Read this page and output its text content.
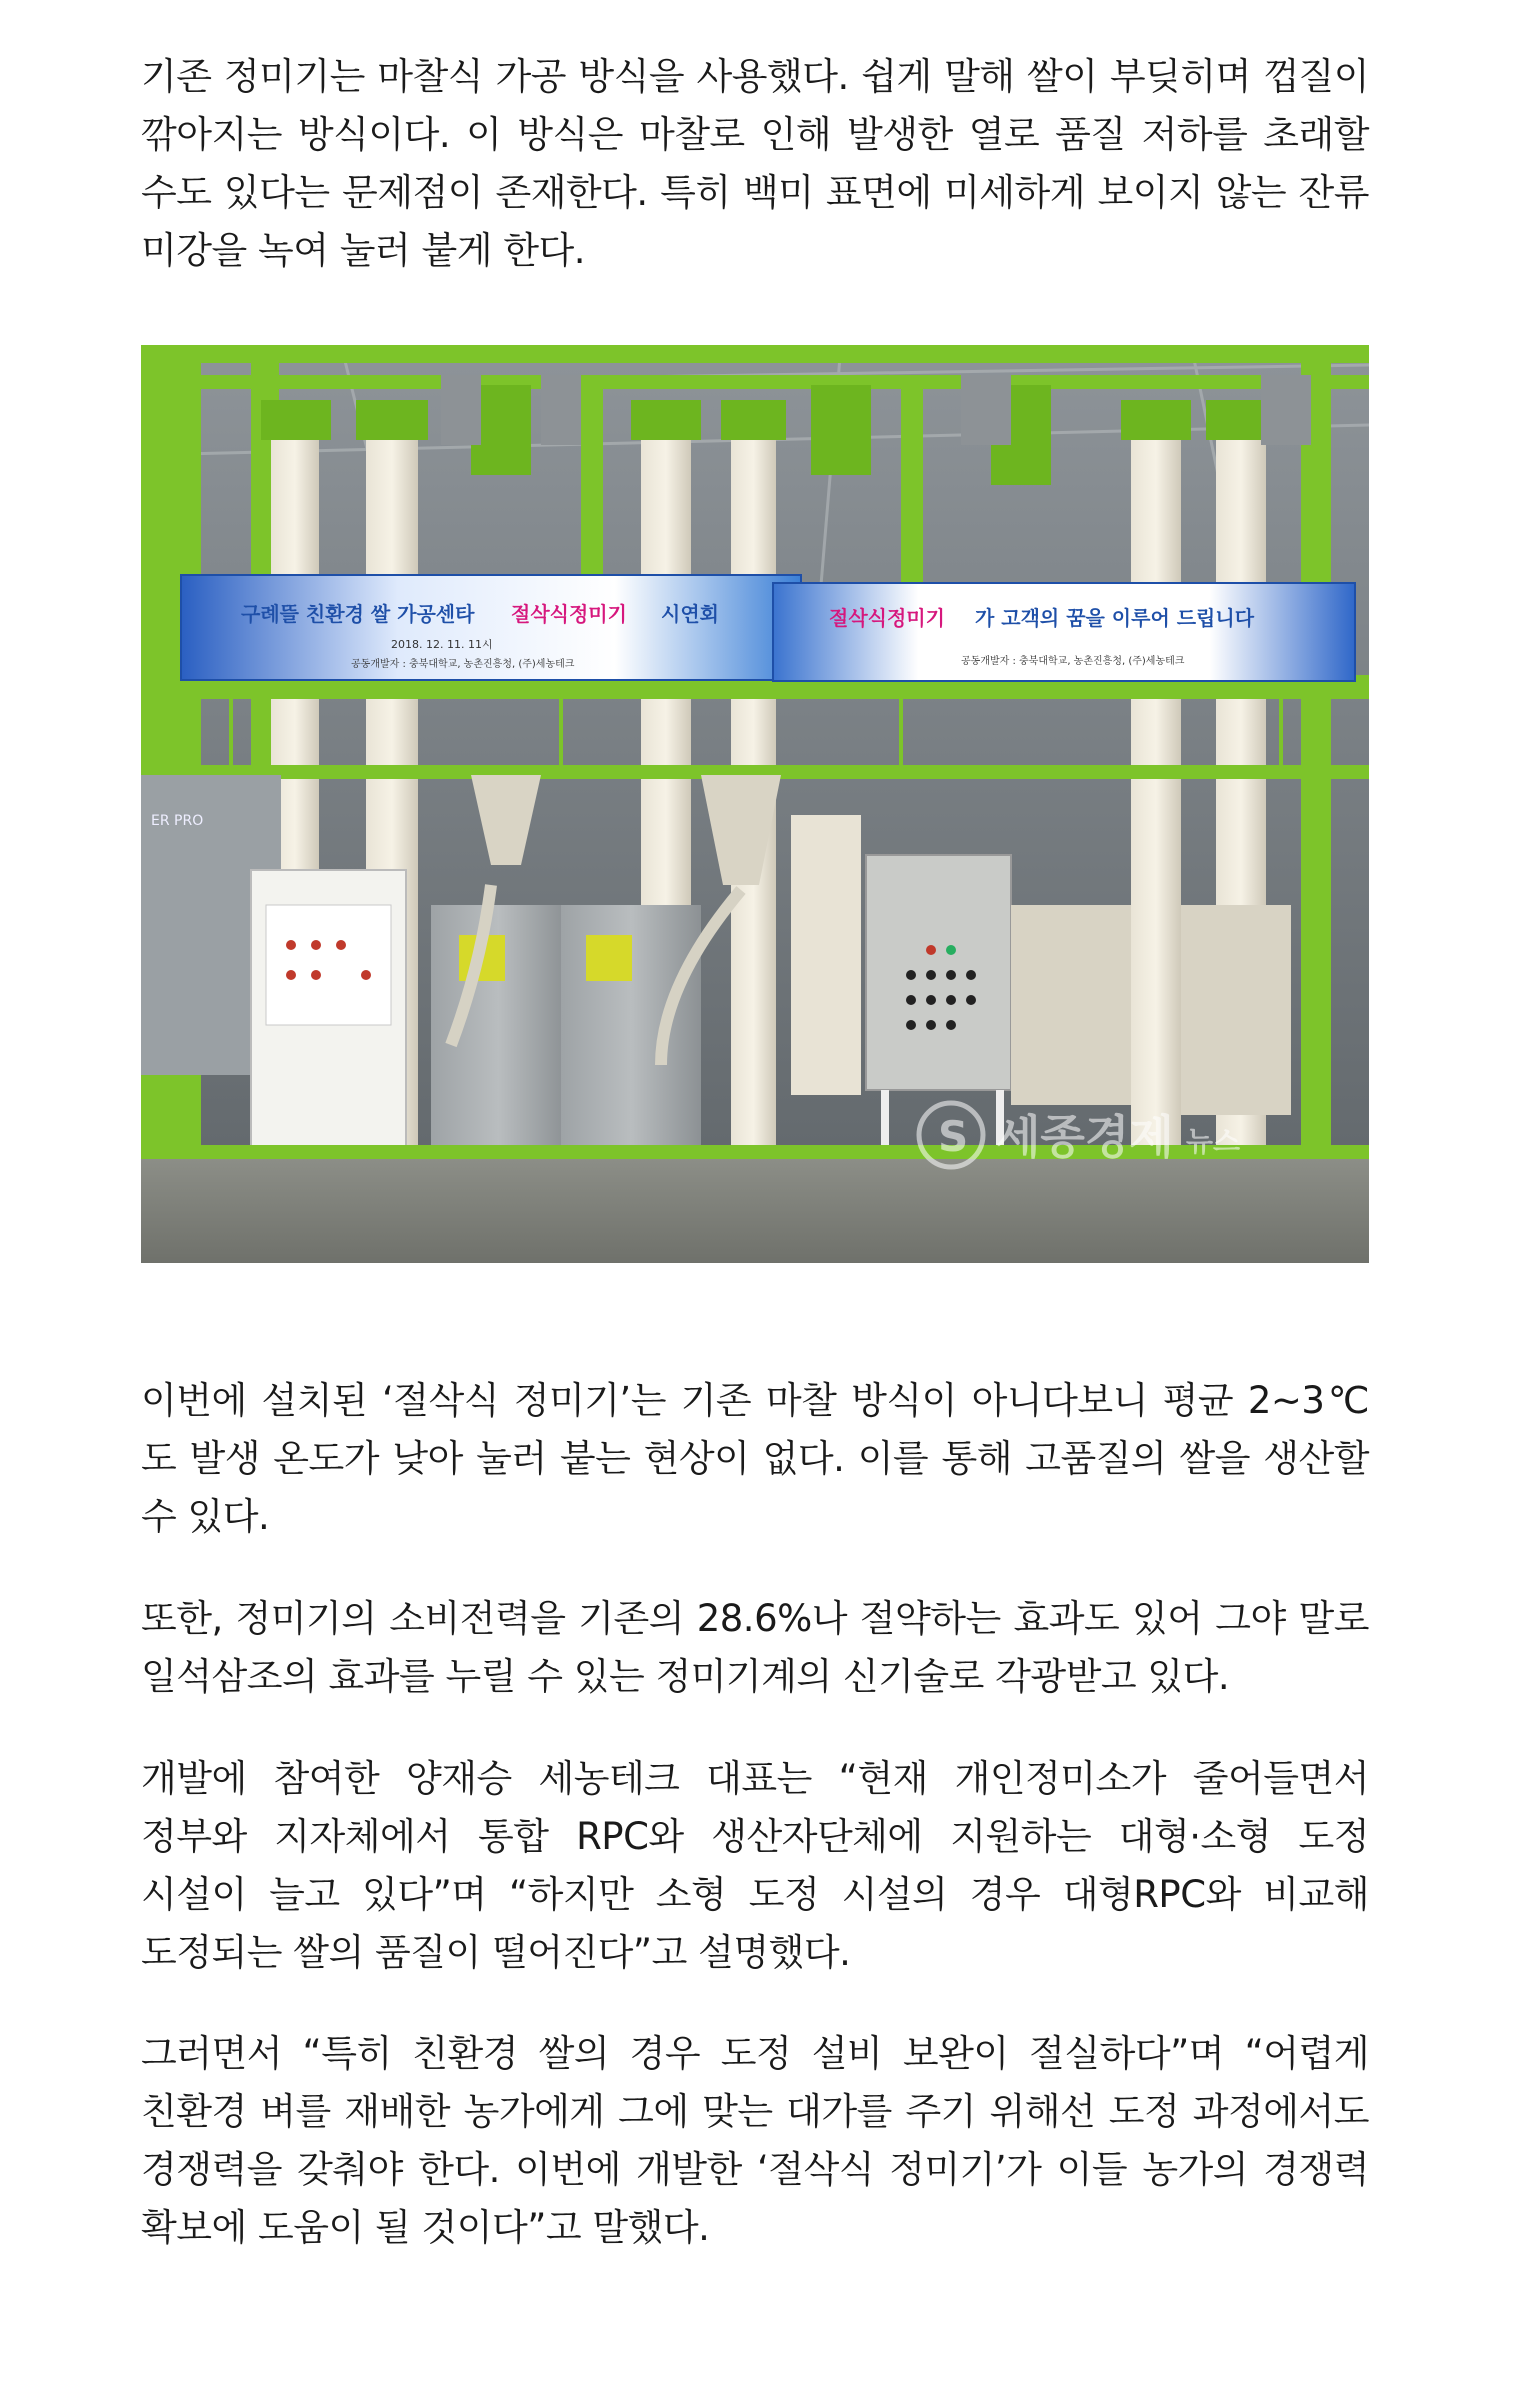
기존 정미기는 마찰식 가공 방식을 사용했다. 쉽게 말해 쌀이 부딪히며 껍질이 깎아지는 방식이다. 이 방식은 마찰로 인해 발생한 열로 품질 저하를 초래할 수도 있다는 문제점이 존재한다. 특히 백미 표면에 미세하게 보이지 않는 잔류 미강을 녹여 눌러 붙게 한다.

구례뜰 친환경 쌀 가공센타 절삭식정미기 시연회
2018. 12. 11. 11시
공동개발자 : 충북대학교, 농촌진흥청, (주)세농테크
절삭식정미기 가 고객의 꿈을 이루어 드립니다
공동개발자 : 충북대학교, 농촌진흥청, (주)세농테크
ER PRO
S 세종경제 뉴스

이번에 설치된 ‘절삭식 정미기’는 기존 마찰 방식이 아니다보니 평균 2~3℃도 발생 온도가 낮아 눌러 붙는 현상이 없다. 이를 통해 고품질의 쌀을 생산할 수 있다.

또한, 정미기의 소비전력을 기존의 28.6%나 절약하는 효과도 있어 그야 말로 일석삼조의 효과를 누릴 수 있는 정미기계의 신기술로 각광받고 있다.

개발에 참여한 양재승 세농테크 대표는 “현재 개인정미소가 줄어들면서 정부와 지자체에서 통합 RPC와 생산자단체에 지원하는 대형·소형 도정 시설이 늘고 있다”며 “하지만 소형 도정 시설의 경우 대형RPC와 비교해 도정되는 쌀의 품질이 떨어진다”고 설명했다.

그러면서 “특히 친환경 쌀의 경우 도정 설비 보완이 절실하다”며 “어렵게 친환경 벼를 재배한 농가에게 그에 맞는 대가를 주기 위해선 도정 과정에서도 경쟁력을 갖춰야 한다. 이번에 개발한 ‘절삭식 정미기’가 이들 농가의 경쟁력 확보에 도움이 될 것이다”고 말했다.
